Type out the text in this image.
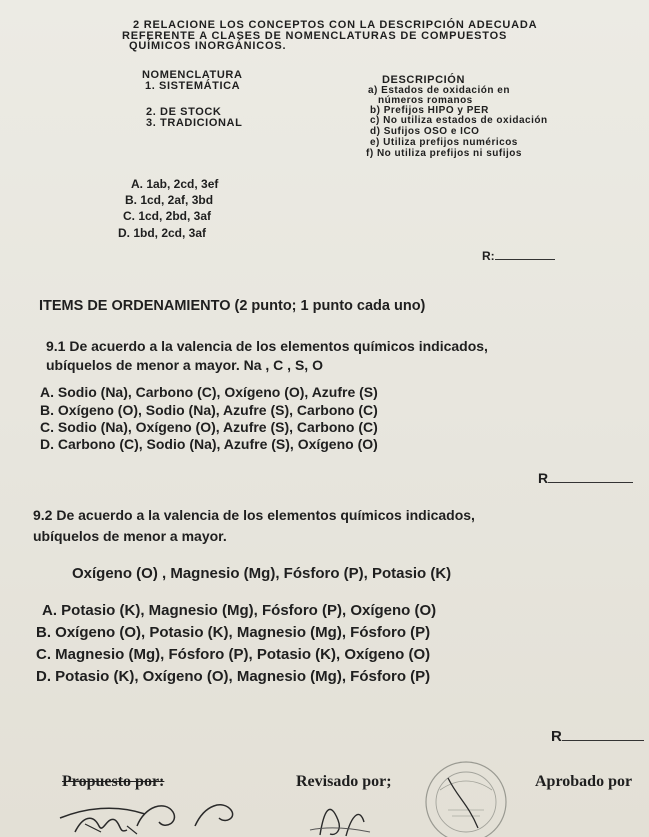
2 RELACIONE LOS CONCEPTOS CON LA DESCRIPCIÓN ADECUADA
REFERENTE A CLASES DE NOMENCLATURAS DE COMPUESTOS
QUÍMICOS INORGÁNICOS.
NOMENCLATURA
1. SISTEMÁTICA
2. DE STOCK
3. TRADICIONAL
DESCRIPCIÓN
a) Estados de oxidación en
números romanos
b) Prefijos HIPO y PER
c) No utiliza estados de oxidación
d) Sufijos OSO e ICO
e) Utiliza prefijos numéricos
f) No utiliza prefijos ni sufijos
A. 1ab, 2cd, 3ef
B. 1cd, 2af, 3bd
C. 1cd, 2bd, 3af
D. 1bd, 2cd, 3af
R:
ITEMS DE ORDENAMIENTO (2 punto; 1 punto cada uno)
9.1 De acuerdo a la valencia de los elementos químicos indicados,
ubíquelos de menor a mayor. Na , C , S, O
A. Sodio (Na), Carbono (C), Oxígeno (O), Azufre (S)
B. Oxígeno (O), Sodio (Na), Azufre (S), Carbono (C)
C. Sodio (Na), Oxígeno (O), Azufre (S), Carbono (C)
D. Carbono (C), Sodio (Na), Azufre (S), Oxígeno (O)
R
9.2 De acuerdo a la valencia de los elementos químicos indicados,
ubíquelos de menor a mayor.
Oxígeno (O) , Magnesio (Mg), Fósforo (P), Potasio (K)
A. Potasio (K), Magnesio (Mg), Fósforo (P), Oxígeno (O)
B. Oxígeno (O), Potasio (K), Magnesio (Mg), Fósforo (P)
C. Magnesio (Mg), Fósforo (P), Potasio (K), Oxígeno (O)
D. Potasio (K), Oxígeno (O), Magnesio (Mg), Fósforo (P)
R
Propuesto por:	Revisado por;	Aprobado por
